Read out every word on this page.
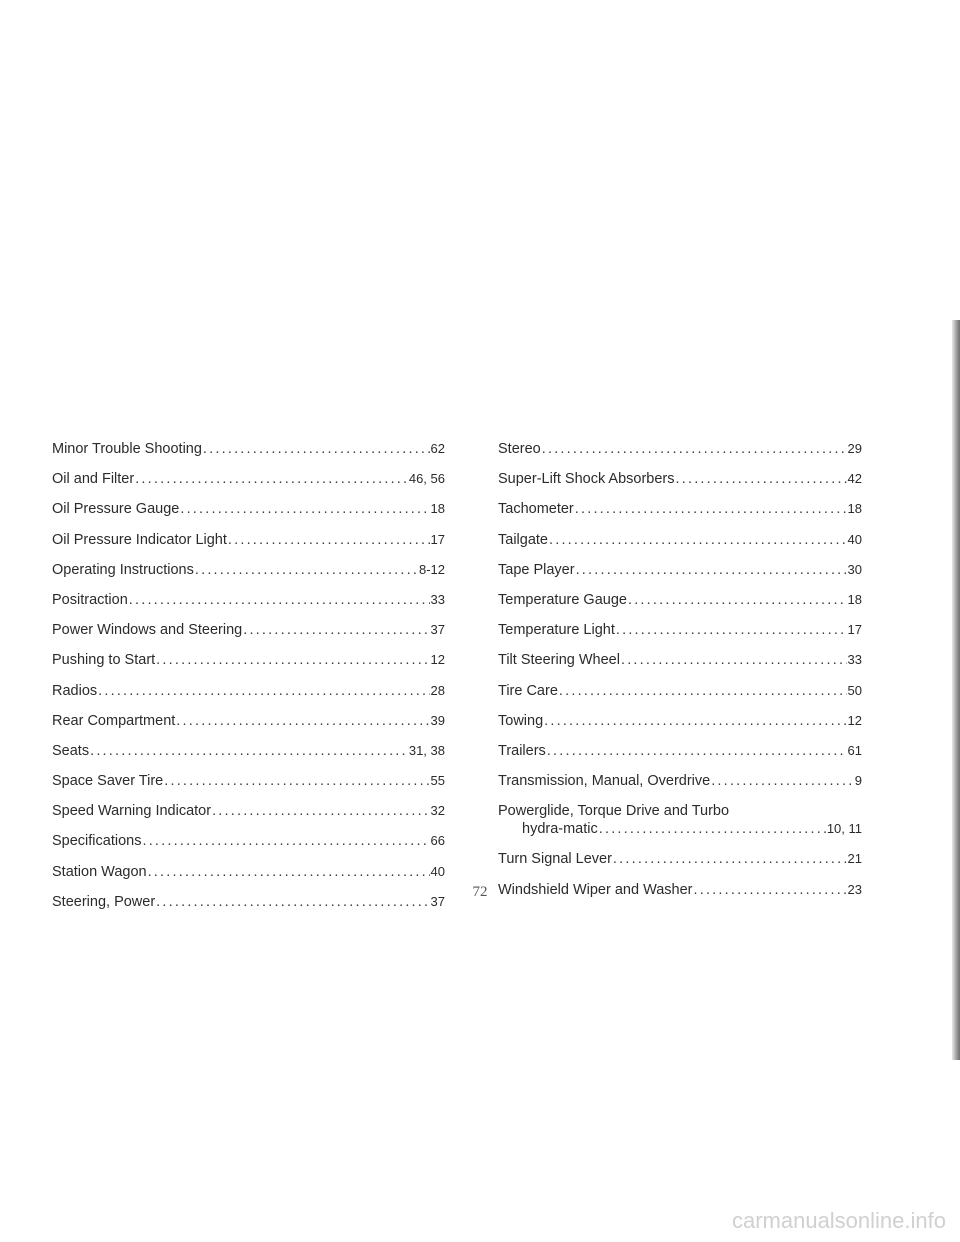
Minor Trouble Shooting .....	62
Oil and Filter .....	46, 56
Oil Pressure Gauge .....	18
Oil Pressure Indicator Light .....	17
Operating Instructions .....	8-12
Positraction .....	33
Power Windows and Steering .....	37
Pushing to Start .....	12
Radios .....	28
Rear Compartment .....	39
Seats .....	31, 38
Space Saver Tire .....	55
Speed Warning Indicator .....	32
Specifications .....	66
Station Wagon .....	40
Steering, Power .....	37
Stereo .....	29
Super-Lift Shock Absorbers .....	42
Tachometer .....	18
Tailgate .....	40
Tape Player .....	30
Temperature Gauge .....	18
Temperature Light .....	17
Tilt Steering Wheel .....	33
Tire Care .....	50
Towing .....	12
Trailers .....	61
Transmission, Manual, Overdrive .....	9
Powerglide, Torque Drive and Turbo
hydra-matic .....	10, 11
Turn Signal Lever .....	21
Windshield Wiper and Washer .....	23
72
carmanualsonline.info
